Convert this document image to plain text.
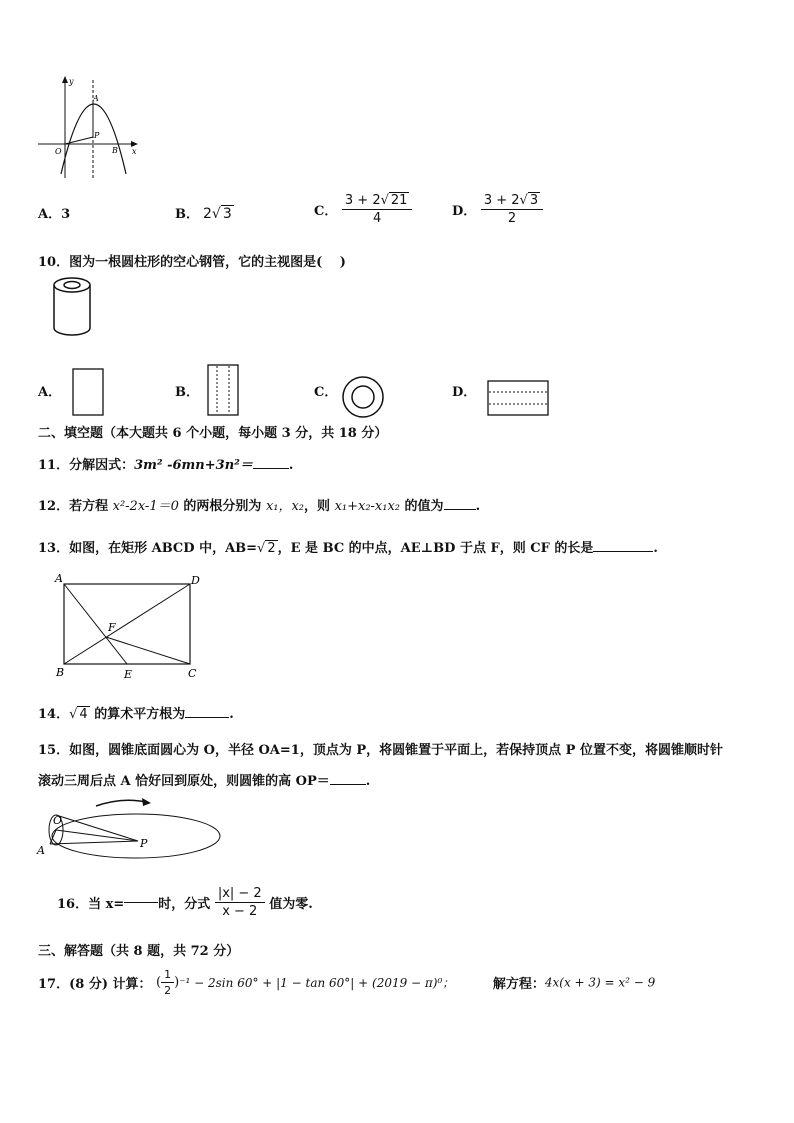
y
x
O
A
P
B
A．3	B． 2√ 3	C． $\frac{3 + 2√ 21}{4}$	D． $\frac{3 + 2√ 3}{2}$
10．图为一根圆柱形的空心钢管，它的主视图是(　 )
A．	B．	C．	D．
二、填空题（本大题共 6 个小题，每小题 3 分，共 18 分）
11．分解因式：3m² -6mn+3n²＝	.
12．若方程 x²-2x-1＝0 的两根分别为 x₁，x₂，则 x₁+x₂-x₁x₂ 的值为 .
13．如图，在矩形 ABCD 中，AB=√ 2 ，E 是 BC 的中点，AE⊥BD 于点 F，则 CF 的长是	.
A	D
B	C
E
F
14．√ 4 的算术平方根为	.
15．如图，圆锥底面圆心为 O，半径 OA=1，顶点为 P，将圆锥置于平面上，若保持顶点 P 位置不变，将圆锥顺时针
滚动三周后点 A 恰好回到原处，则圆锥的高 OP＝	.
O
A
P
16．当 x=	时，分式 $\frac{|x| - 2}{x - 2}$ 值为零.
三、解答题（共 8 题，共 72 分）
17．(8 分) 计算： ( $\frac{1}{2} )^{-1} - 2\sin$ 60° + |1 − tan 60°| + (2019 − π)⁰；	解方程：4x(x + 3) = x² − 9
